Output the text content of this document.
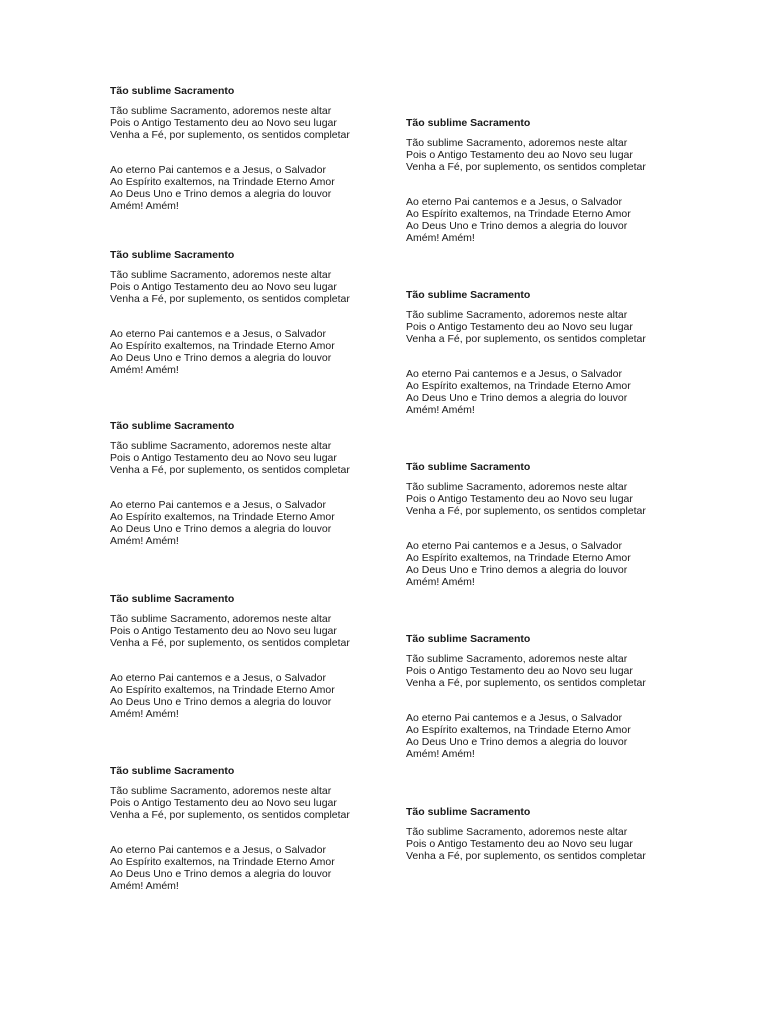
Tão sublime Sacramento
Tão sublime Sacramento, adoremos neste altar
Pois o Antigo Testamento deu ao Novo seu lugar
Venha a Fé, por suplemento, os sentidos completar
Ao eterno Pai cantemos e a Jesus, o Salvador
Ao Espírito exaltemos, na Trindade Eterno Amor
Ao Deus Uno e Trino demos a alegria do louvor
Amém! Amém!
Tão sublime Sacramento
Tão sublime Sacramento, adoremos neste altar
Pois o Antigo Testamento deu ao Novo seu lugar
Venha a Fé, por suplemento, os sentidos completar
Ao eterno Pai cantemos e a Jesus, o Salvador
Ao Espírito exaltemos, na Trindade Eterno Amor
Ao Deus Uno e Trino demos a alegria do louvor
Amém! Amém!
Tão sublime Sacramento
Tão sublime Sacramento, adoremos neste altar
Pois o Antigo Testamento deu ao Novo seu lugar
Venha a Fé, por suplemento, os sentidos completar
Ao eterno Pai cantemos e a Jesus, o Salvador
Ao Espírito exaltemos, na Trindade Eterno Amor
Ao Deus Uno e Trino demos a alegria do louvor
Amém! Amém!
Tão sublime Sacramento
Tão sublime Sacramento, adoremos neste altar
Pois o Antigo Testamento deu ao Novo seu lugar
Venha a Fé, por suplemento, os sentidos completar
Ao eterno Pai cantemos e a Jesus, o Salvador
Ao Espírito exaltemos, na Trindade Eterno Amor
Ao Deus Uno e Trino demos a alegria do louvor
Amém! Amém!
Tão sublime Sacramento
Tão sublime Sacramento, adoremos neste altar
Pois o Antigo Testamento deu ao Novo seu lugar
Venha a Fé, por suplemento, os sentidos completar
Ao eterno Pai cantemos e a Jesus, o Salvador
Ao Espírito exaltemos, na Trindade Eterno Amor
Ao Deus Uno e Trino demos a alegria do louvor
Amém! Amém!
Tão sublime Sacramento
Tão sublime Sacramento, adoremos neste altar
Pois o Antigo Testamento deu ao Novo seu lugar
Venha a Fé, por suplemento, os sentidos completar
Ao eterno Pai cantemos e a Jesus, o Salvador
Ao Espírito exaltemos, na Trindade Eterno Amor
Ao Deus Uno e Trino demos a alegria do louvor
Amém! Amém!
Tão sublime Sacramento
Tão sublime Sacramento, adoremos neste altar
Pois o Antigo Testamento deu ao Novo seu lugar
Venha a Fé, por suplemento, os sentidos completar
Ao eterno Pai cantemos e a Jesus, o Salvador
Ao Espírito exaltemos, na Trindade Eterno Amor
Ao Deus Uno e Trino demos a alegria do louvor
Amém! Amém!
Tão sublime Sacramento
Tão sublime Sacramento, adoremos neste altar
Pois o Antigo Testamento deu ao Novo seu lugar
Venha a Fé, por suplemento, os sentidos completar
Ao eterno Pai cantemos e a Jesus, o Salvador
Ao Espírito exaltemos, na Trindade Eterno Amor
Ao Deus Uno e Trino demos a alegria do louvor
Amém! Amém!
Tão sublime Sacramento
Tão sublime Sacramento, adoremos neste altar
Pois o Antigo Testamento deu ao Novo seu lugar
Venha a Fé, por suplemento, os sentidos completar
Ao eterno Pai cantemos e a Jesus, o Salvador
Ao Espírito exaltemos, na Trindade Eterno Amor
Ao Deus Uno e Trino demos a alegria do louvor
Amém! Amém!
Tão sublime Sacramento
Tão sublime Sacramento, adoremos neste altar
Pois o Antigo Testamento deu ao Novo seu lugar
Venha a Fé, por suplemento, os sentidos completar
